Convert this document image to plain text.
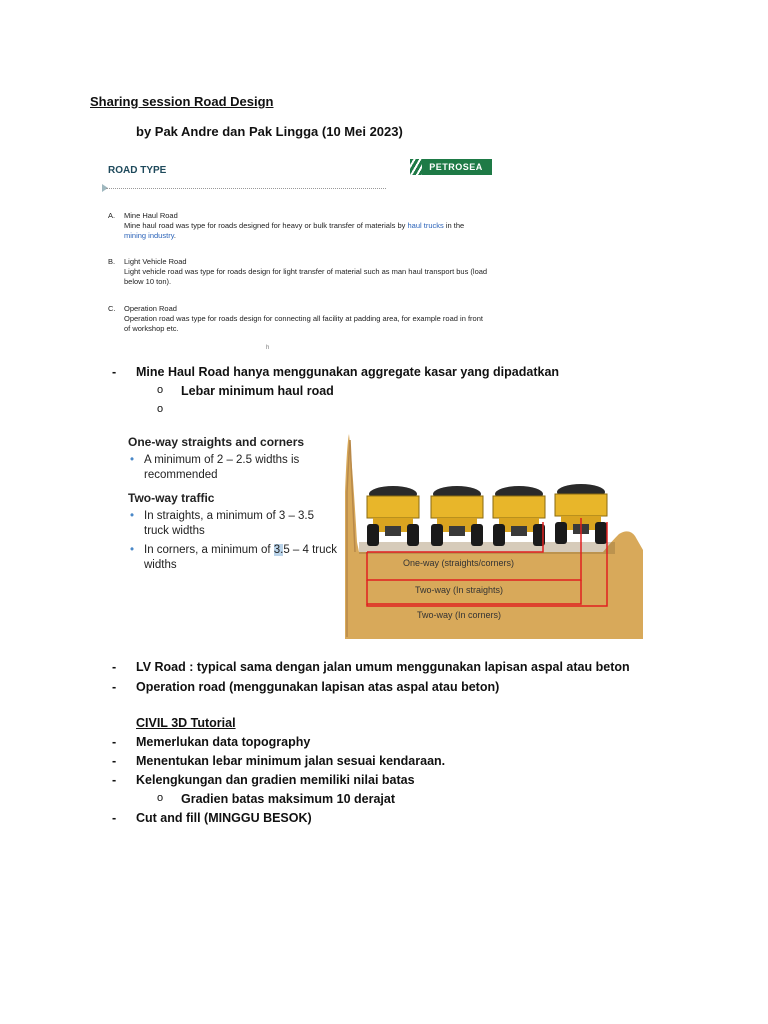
Sharing session Road Design
by Pak Andre dan Pak Lingga (10 Mei 2023)
ROAD TYPE	PETROSEA
A. Mine Haul Road
Mine haul road was type for roads designed for heavy or bulk transfer of materials by haul trucks in the mining industry.
B. Light Vehicle Road
Light vehicle road was type for roads design for light transfer of material such as man haul transport bus (load below 10 ton).
C. Operation Road
Operation road was type for roads design for connecting all facility at padding area, for example road in front of workshop etc.
h
- Mine Haul Road hanya menggunakan aggregate kasar yang dipadatkan
o Lebar minimum haul road
o
One-way straights and corners
• A minimum of 2 – 2.5 widths is recommended
Two-way traffic
• In straights, a minimum of 3 – 3.5 truck widths
• In corners, a minimum of 3.5 – 4 truck widths	One-way (straights/corners)
Two-way (In straights)
Two-way (In corners)
- LV Road : typical sama dengan jalan umum menggunakan lapisan aspal atau beton
- Operation road (menggunakan lapisan atas aspal atau beton)
CIVIL 3D Tutorial
- Memerlukan data topography
- Menentukan lebar minimum jalan sesuai kendaraan.
- Kelengkungan dan gradien memiliki nilai batas
o Gradien batas maksimum 10 derajat
- Cut and fill (MINGGU BESOK)
